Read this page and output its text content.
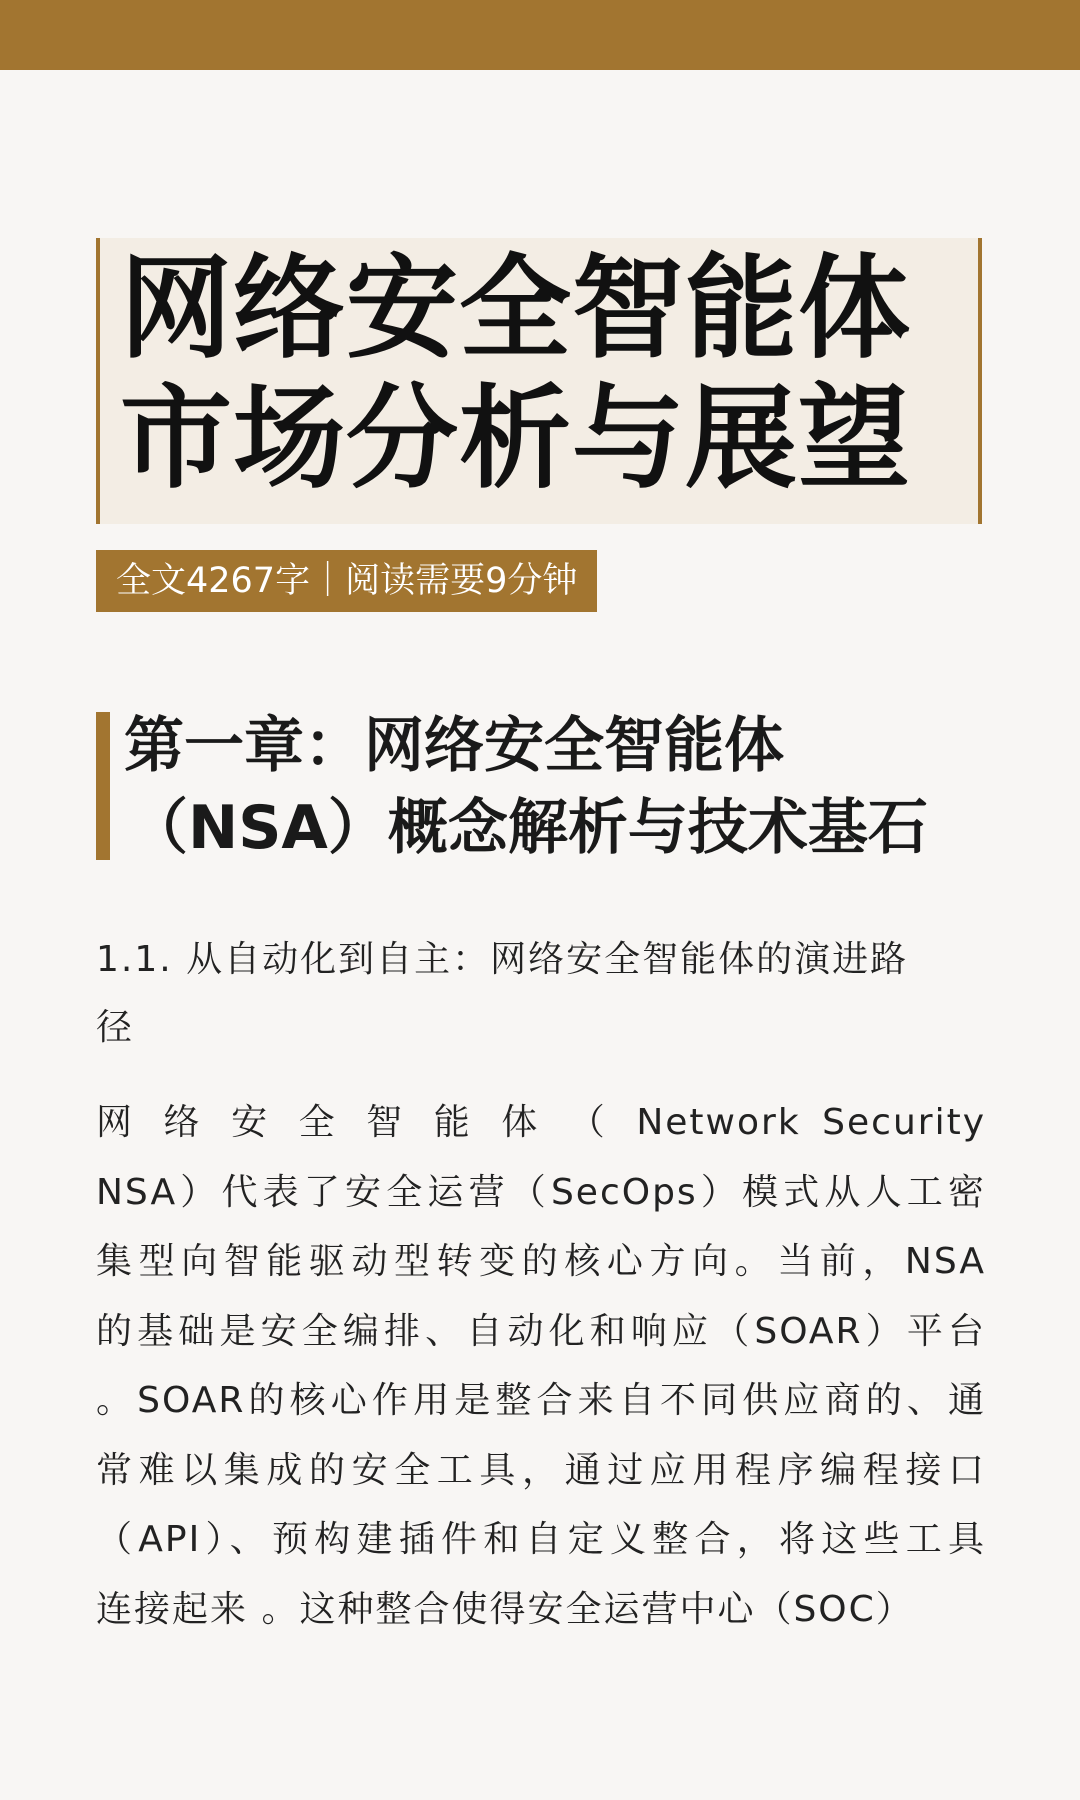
网络安全智能体
市场分析与展望
全文4267字｜阅读需要9分钟
第一章：网络安全智能体
（NSA）概念解析与技术基石
1.1. 从自动化到自主：网络安全智能体的演进路
径
网 络 安 全 智 能 体 （ Network Security
NSA）代表了安全运营（SecOps）模式从人工密
集型向智能驱动型转变的核心方向。当前，NSA
的基础是安全编排、自动化和响应（SOAR）平台
。SOAR的核心作用是整合来自不同供应商的、通
常难以集成的安全工具，通过应用程序编程接口
（API）、预构建插件和自定义整合，将这些工具
连接起来 。这种整合使得安全运营中心（SOC）
